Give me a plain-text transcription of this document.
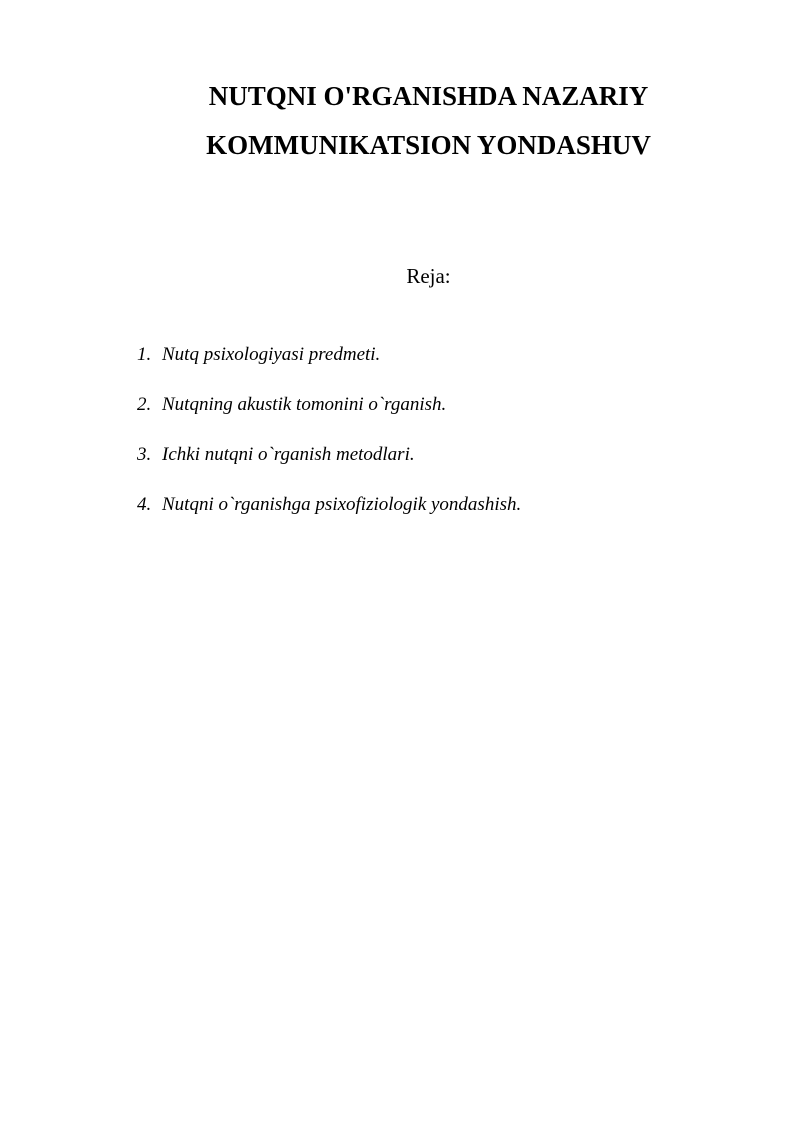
NUTQNI O'RGANISHDA NAZARIY
KOMMUNIKATSION YONDASHUV

Reja:

1. Nutq psixologiyasi predmeti.
2. Nutqning akustik tomonini o`rganish.
3. Ichki nutqni o`rganish metodlari.
4. Nutqni o`rganishga psixofiziologik yondashish.
